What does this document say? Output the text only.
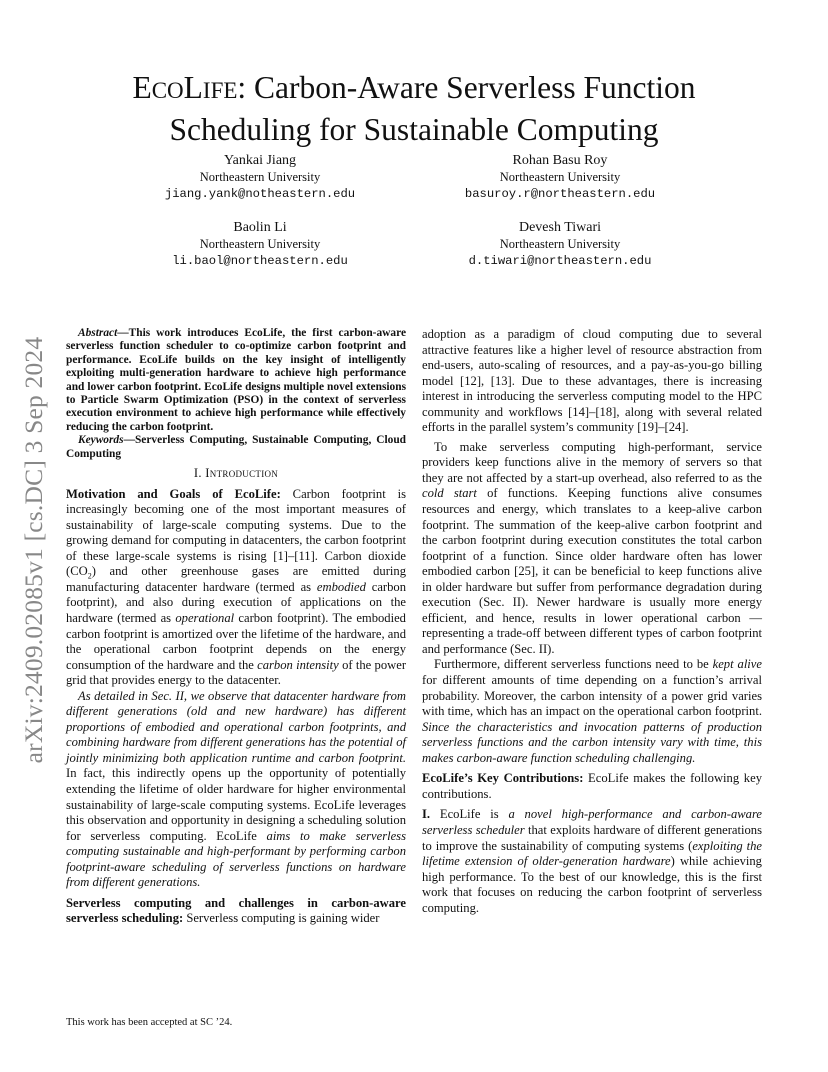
arXiv:2409.02085v1 [cs.DC] 3 Sep 2024
ECOLIFE: Carbon-Aware Serverless Function
Scheduling for Sustainable Computing
Yankai Jiang
Northeastern University
jiang.yank@notheastern.edu
Rohan Basu Roy
Northeastern University
basuroy.r@northeastern.edu
Baolin Li
Northeastern University
li.baol@northeastern.edu
Devesh Tiwari
Northeastern University
d.tiwari@northeastern.edu

Abstract—This work introduces EcoLife, the first carbon-aware serverless function scheduler to co-optimize carbon footprint and performance. EcoLife builds on the key insight of intelligently exploiting multi-generation hardware to achieve high performance and lower carbon footprint. EcoLife designs multiple novel extensions to Particle Swarm Optimization (PSO) in the context of serverless execution environment to achieve high performance while effectively reducing the carbon footprint.

Keywords—Serverless Computing, Sustainable Computing, Cloud Computing

I. Introduction

Motivation and Goals of EcoLife: Carbon footprint is increasingly becoming one of the most important measures of sustainability of large-scale computing systems. Due to the growing demand for computing in datacenters, the carbon footprint of these large-scale systems is rising [1]–[11]. Carbon dioxide $(CO_2)$ and other greenhouse gases are emitted during manufacturing datacenter hardware (termed as embodied carbon footprint), and also during execution of applications on the hardware (termed as operational carbon footprint). The embodied carbon footprint is amortized over the lifetime of the hardware, and the operational carbon footprint depends on the energy consumption of the hardware and the carbon intensity of the power grid that provides energy to the datacenter.

As detailed in Sec. II, we observe that datacenter hardware from different generations (old and new hardware) has different proportions of embodied and operational carbon footprints, and combining hardware from different generations has the potential of jointly minimizing both application runtime and carbon footprint. In fact, this indirectly opens up the opportunity of potentially extending the lifetime of older hardware for higher environmental sustainability of large-scale computing systems. EcoLife leverages this observation and opportunity in designing a scheduling solution for serverless computing. EcoLife aims to make serverless computing sustainable and high-performant by performing carbon footprint-aware scheduling of serverless functions on hardware from different generations.

Serverless computing and challenges in carbon-aware serverless scheduling: Serverless computing is gaining wider

adoption as a paradigm of cloud computing due to several attractive features like a higher level of resource abstraction from end-users, auto-scaling of resources, and a pay-as-you-go billing model [12], [13]. Due to these advantages, there is increasing interest in introducing the serverless computing model to the HPC community and workflows [14]–[18], along with several related efforts in the parallel system’s community [19]–[24].

To make serverless computing high-performant, service providers keep functions alive in the memory of servers so that they are not affected by a start-up overhead, also referred to as the cold start of functions. Keeping functions alive consumes resources and energy, which translates to a keep-alive carbon footprint. The summation of the keep-alive carbon footprint and the carbon footprint during execution constitutes the total carbon footprint of a function. Since older hardware often has lower embodied carbon [25], it can be beneficial to keep functions alive in older hardware but suffer from performance degradation during execution (Sec. II). Newer hardware is usually more energy efficient, and hence, results in lower operational carbon — representing a trade-off between different types of carbon footprint and performance (Sec. II).

Furthermore, different serverless functions need to be kept alive for different amounts of time depending on a function’s arrival probability. Moreover, the carbon intensity of a power grid varies with time, which has an impact on the operational carbon footprint. Since the characteristics and invocation patterns of production serverless functions and the carbon intensity vary with time, this makes carbon-aware function scheduling challenging.

EcoLife’s Key Contributions: EcoLife makes the following key contributions.

I. EcoLife is a novel high-performance and carbon-aware serverless scheduler that exploits hardware of different generations to improve the sustainability of computing systems (exploiting the lifetime extension of older-generation hardware) while achieving high performance. To the best of our knowledge, this is the first work that focuses on reducing the carbon footprint of serverless computing.

This work has been accepted at SC ’24.
